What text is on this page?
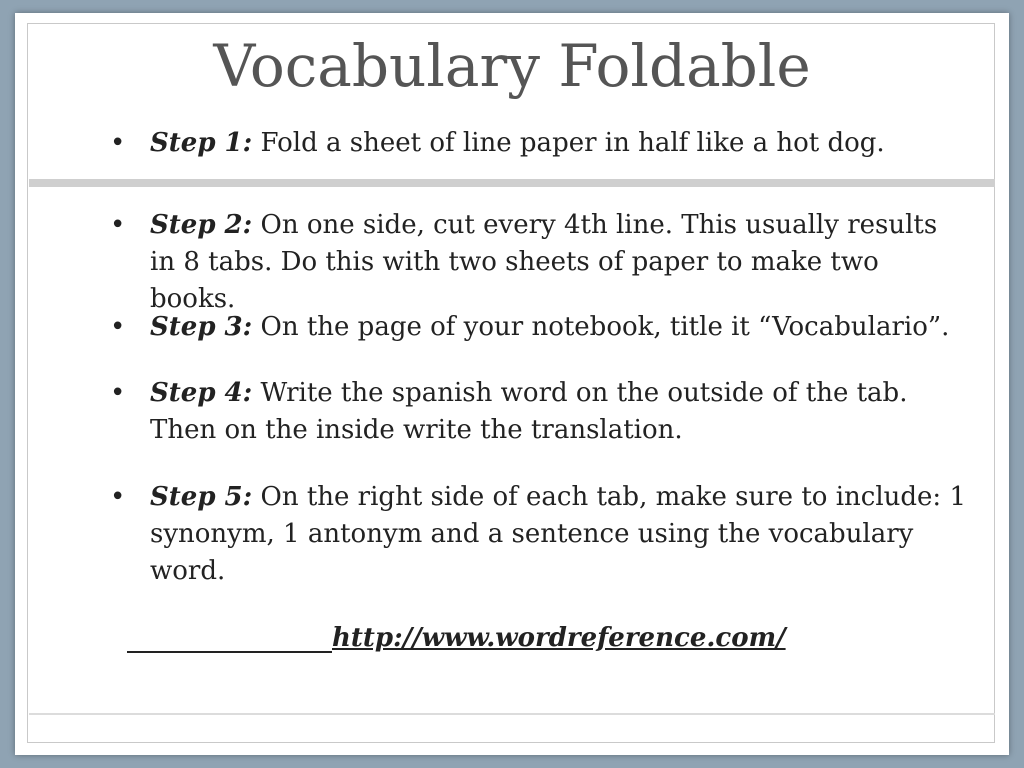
Vocabulary Foldable
• Step 1: Fold a sheet of line paper in half like a hot dog.
• Step 2: On one side, cut every 4th line. This usually results in 8 tabs. Do this with two sheets of paper to make two books.
• Step 3: On the page of your notebook, title it “Vocabulario”.
• Step 4: Write the spanish word on the outside of the tab. Then on the inside write the translation.
• Step 5: On the right side of each tab, make sure to include: 1 synonym, 1 antonym and a sentence using the vocabulary word.
http://www.wordreference.com/
